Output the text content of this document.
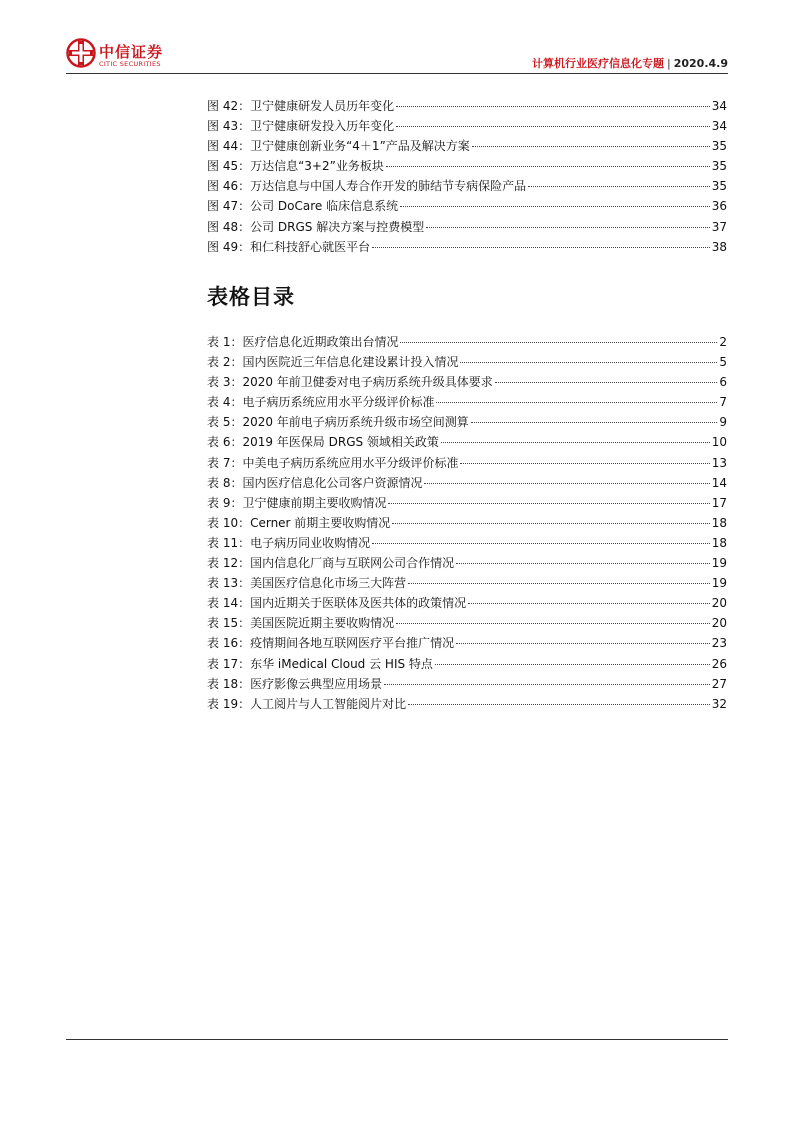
中信证券
CITIC SECURITIES	计算机行业医疗信息化专题 | 2020.4.9
图 42：卫宁健康研发人员历年变化	34
图 43：卫宁健康研发投入历年变化	34
图 44：卫宁健康创新业务“4＋1”产品及解决方案	35
图 45：万达信息“3+2”业务板块	35
图 46：万达信息与中国人寿合作开发的肺结节专病保险产品	35
图 47：公司 DoCare 临床信息系统	36
图 48：公司 DRGS 解决方案与控费模型	37
图 49：和仁科技舒心就医平台	38
表格目录
表 1：医疗信息化近期政策出台情况	2
表 2：国内医院近三年信息化建设累计投入情况	5
表 3：2020 年前卫健委对电子病历系统升级具体要求	6
表 4：电子病历系统应用水平分级评价标准	7
表 5：2020 年前电子病历系统升级市场空间测算	9
表 6：2019 年医保局 DRGS 领域相关政策	10
表 7：中美电子病历系统应用水平分级评价标准	13
表 8：国内医疗信息化公司客户资源情况	14
表 9：卫宁健康前期主要收购情况	17
表 10：Cerner 前期主要收购情况	18
表 11：电子病历同业收购情况	18
表 12：国内信息化厂商与互联网公司合作情况	19
表 13：美国医疗信息化市场三大阵营	19
表 14：国内近期关于医联体及医共体的政策情况	20
表 15：美国医院近期主要收购情况	20
表 16：疫情期间各地互联网医疗平台推广情况	23
表 17：东华 iMedical Cloud 云 HIS 特点	26
表 18：医疗影像云典型应用场景	27
表 19：人工阅片与人工智能阅片对比	32
